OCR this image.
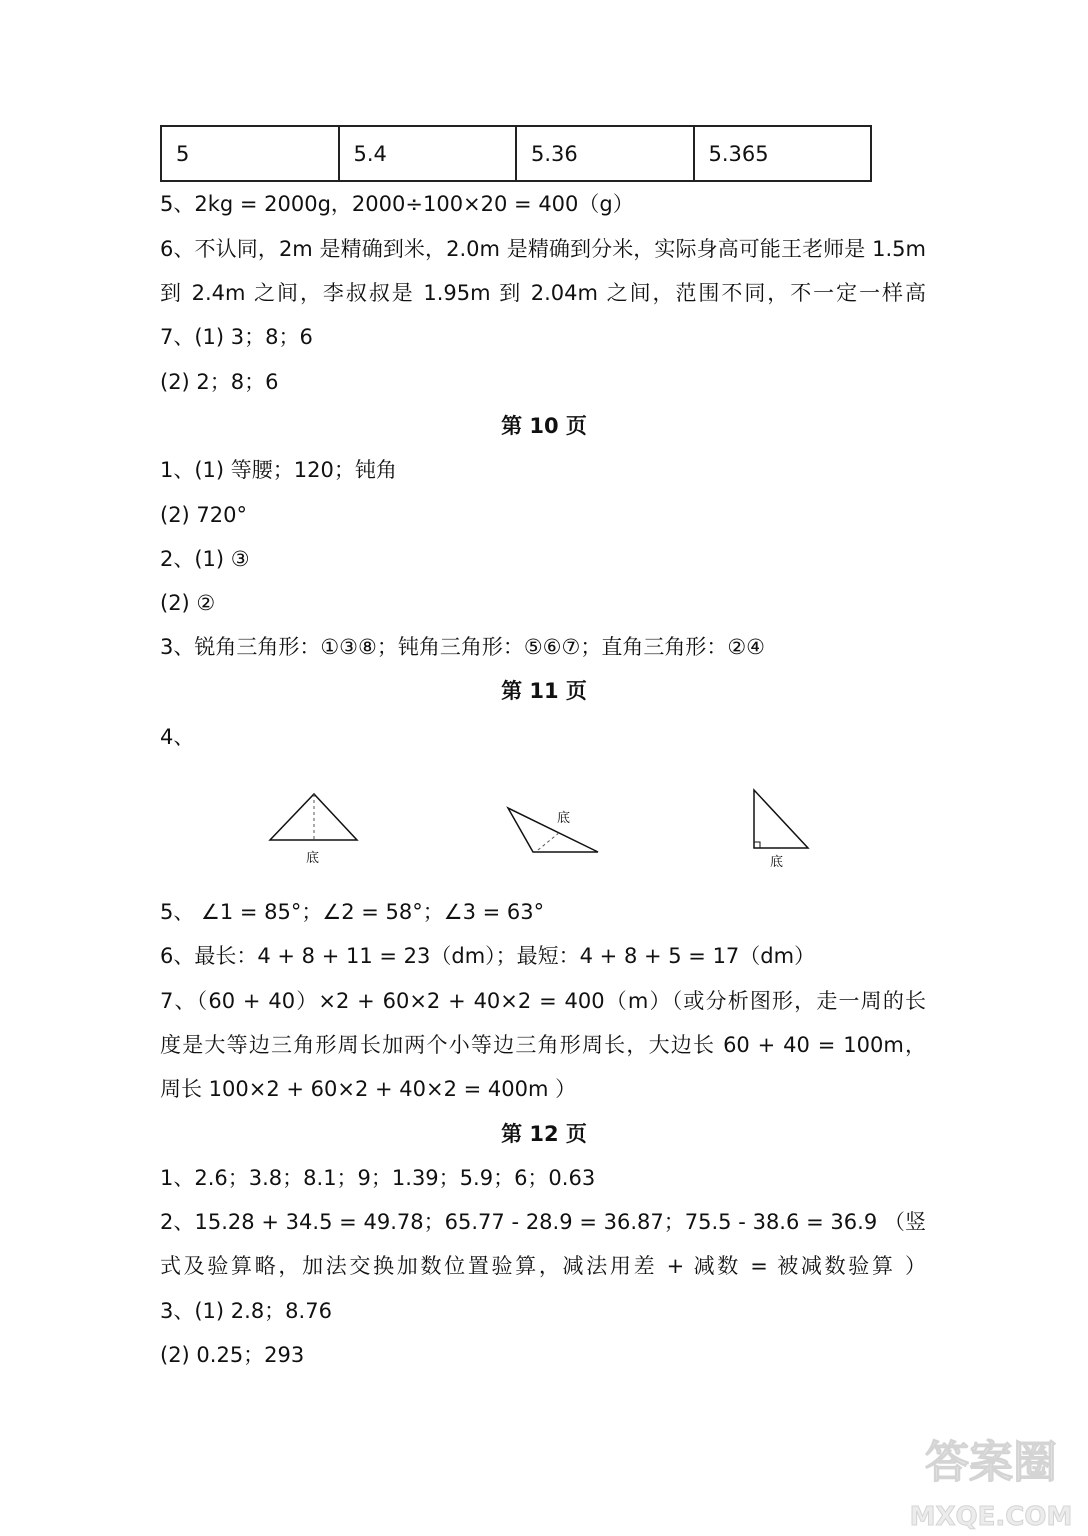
5	5.4	5.36	5.365
5、2kg = 2000g，2000÷100×20 = 400（g）
6、不认同，2m 是精确到米，2.0m 是精确到分米，实际身高可能王老师是 1.5m
到 2.4m 之间，李叔叔是 1.95m 到 2.04m 之间，范围不同，不一定一样高
7、(1) 3；8；6
(2) 2；8；6
第 10 页
1、(1) 等腰；120；钝角
(2) 720°
2、(1) ③
(2) ②
3、锐角三角形：①③⑧；钝角三角形：⑤⑥⑦；直角三角形：②④
第 11 页
4、
底
底
底
5、 ∠1 = 85°；∠2 = 58°；∠3 = 63°
6、最长：4 + 8 + 11 = 23（dm）；最短：4 + 8 + 5 = 17（dm）
7、（60 + 40）×2 + 60×2 + 40×2 = 400（m）（或分析图形，走一周的长
度是大等边三角形周长加两个小等边三角形周长，大边长 60 + 40 = 100m，
周长 100×2 + 60×2 + 40×2 = 400m ）
第 12 页
1、2.6；3.8；8.1；9；1.39；5.9；6；0.63
2、15.28 + 34.5 = 49.78；65.77 - 28.9 = 36.87；75.5 - 38.6 = 36.9 （竖
式及验算略，加法交换加数位置验算，减法用差 + 减数 = 被减数验算 ）
3、(1) 2.8；8.76
(2) 0.25；293
答案圈
MXQE.COM
